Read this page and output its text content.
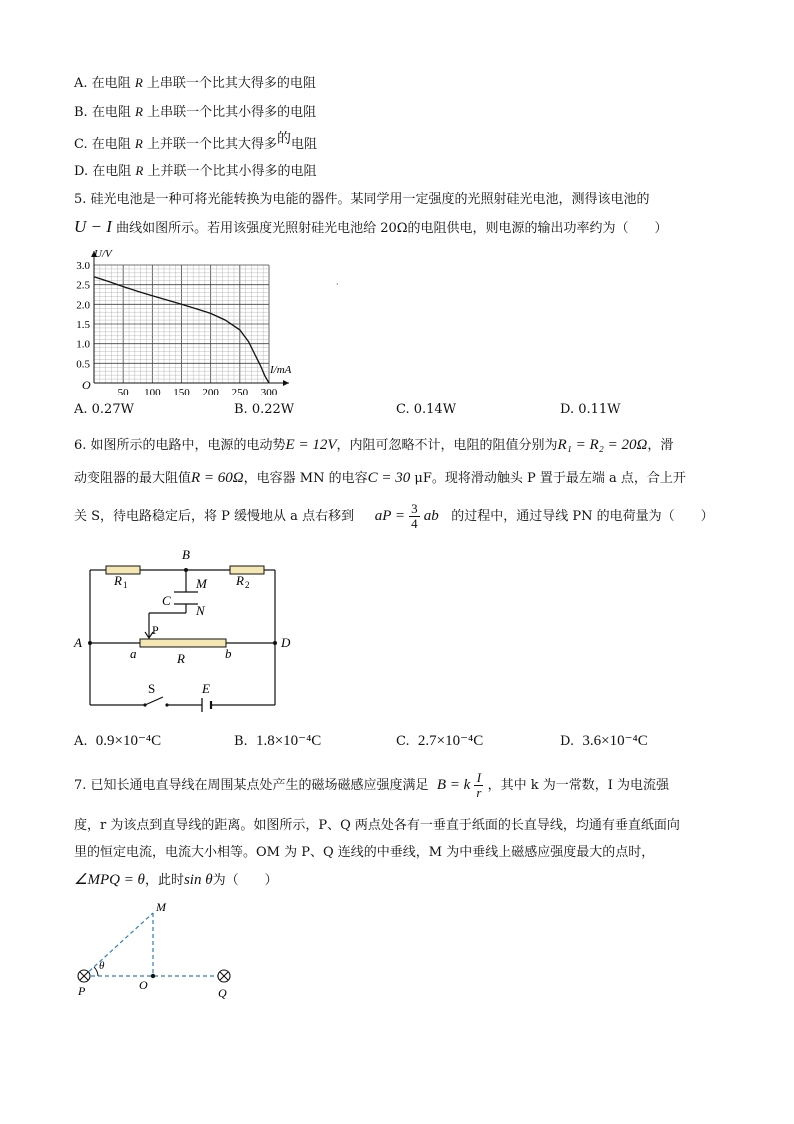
A. 在电阻 R 上串联一个比其大得多的电阻
B. 在电阻 R 上串联一个比其小得多的电阻
C. 在电阻 R 上并联一个比其大得多的电阻
D. 在电阻 R 上并联一个比其小得多的电阻
5. 硅光电池是一种可将光能转换为电能的器件。某同学用一定强度的光照射硅光电池，测得该电池的
U − I 曲线如图所示。若用该强度光照射硅光电池给 20Ω的电阻供电，则电源的输出功率约为（　　）
50 100 150 200 250 300
0.5
1.0
1.5
2.0
2.5
3.0
U/V
I/mA
O
·
A. 0.27W	B. 0.22W	C. 0.14W	D. 0.11W
6. 如图所示的电路中，电源的电动势E = 12V，内阻可忽略不计，电阻的阻值分别为R₁ = R₂ = 20Ω，滑
动变阻器的最大阻值R = 60Ω，电容器 MN 的电容C = 30 μF。现将滑动触头 P 置于最左端 a 点，合上开
关 S，待电路稳定后，将 P 缓慢地从 a 点右移到 aP = $\frac{3}{4}$ ab 的过程中，通过导线 PN 的电荷量为（　　）
B
M
C
N
R 1	R 2
A	D
P
a	R	b
S	E
A. 0.9×10⁻⁴C	B. 1.8×10⁻⁴C	C. 2.7×10⁻⁴C	D. 3.6×10⁻⁴C
7. 已知长通电直导线在周围某点处产生的磁场磁感应强度满足 B = k $\frac{I}{r}$ ，其中 k 为一常数，I 为电流强
度，r 为该点到直导线的距离。如图所示，P、Q 两点处各有一垂直于纸面的长直导线，均通有垂直纸面向
里的恒定电流，电流大小相等。OM 为 P、Q 连线的中垂线，M 为中垂线上磁感应强度最大的点时，
∠MPQ = θ，此时sin θ为（　　）
M
θ
P	O
Q
